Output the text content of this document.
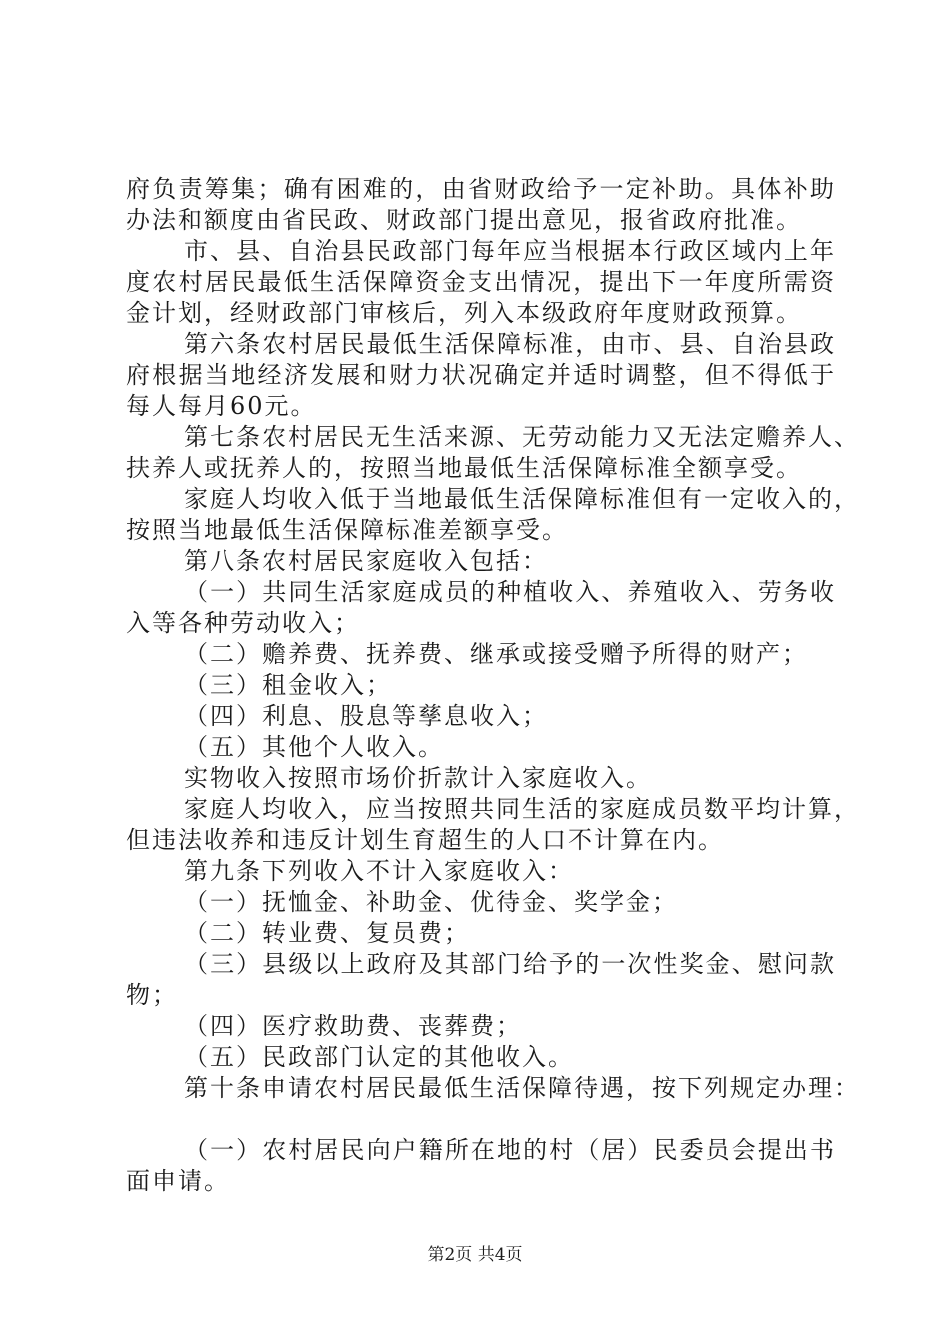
府负责筹集；确有困难的，由省财政给予一定补助。具体补助
办法和额度由省民政、财政部门提出意见，报省政府批准。
市、县、自治县民政部门每年应当根据本行政区域内上年
度农村居民最低生活保障资金支出情况，提出下一年度所需资
金计划，经财政部门审核后，列入本级政府年度财政预算。
第六条农村居民最低生活保障标准，由市、县、自治县政
府根据当地经济发展和财力状况确定并适时调整，但不得低于
每人每月60元。
第七条农村居民无生活来源、无劳动能力又无法定赡养人、
扶养人或抚养人的，按照当地最低生活保障标准全额享受。
家庭人均收入低于当地最低生活保障标准但有一定收入的，
按照当地最低生活保障标准差额享受。
第八条农村居民家庭收入包括：
（一）共同生活家庭成员的种植收入、养殖收入、劳务收
入等各种劳动收入；
（二）赡养费、抚养费、继承或接受赠予所得的财产；
（三）租金收入；
（四）利息、股息等孳息收入；
（五）其他个人收入。
实物收入按照市场价折款计入家庭收入。
家庭人均收入，应当按照共同生活的家庭成员数平均计算，
但违法收养和违反计划生育超生的人口不计算在内。
第九条下列收入不计入家庭收入：
（一）抚恤金、补助金、优待金、奖学金；
（二）转业费、复员费；
（三）县级以上政府及其部门给予的一次性奖金、慰问款
物；
（四）医疗救助费、丧葬费；
（五）民政部门认定的其他收入。
第十条申请农村居民最低生活保障待遇，按下列规定办理：
（一）农村居民向户籍所在地的村（居）民委员会提出书
面申请。
第2页 共4页
